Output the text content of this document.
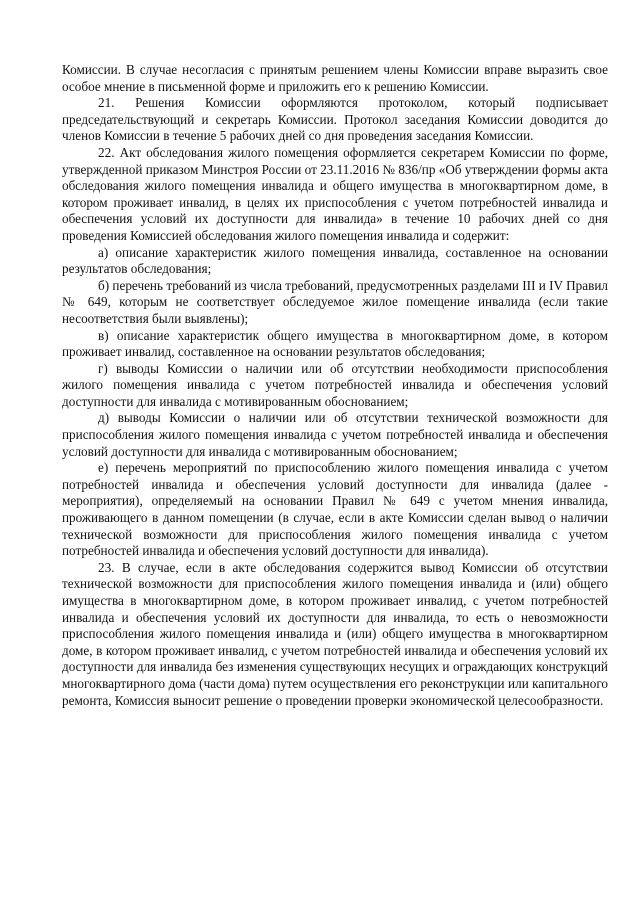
Комиссии. В случае несогласия с принятым решением члены Комиссии вправе выразить свое особое мнение в письменной форме и приложить его к решению Комиссии.

21. Решения Комиссии оформляются протоколом, который подписывает председательствующий и секретарь Комиссии. Протокол заседания Комиссии доводится до членов Комиссии в течение 5 рабочих дней со дня проведения заседания Комиссии.

22. Акт обследования жилого помещения оформляется секретарем Комиссии по форме, утвержденной приказом Минстроя России от 23.11.2016 № 836/пр «Об утверждении формы акта обследования жилого помещения инвалида и общего имущества в многоквартирном доме, в котором проживает инвалид, в целях их приспособления с учетом потребностей инвалида и обеспечения условий их доступности для инвалида» в течение 10 рабочих дней со дня проведения Комиссией обследования жилого помещения инвалида и содержит:

а) описание характеристик жилого помещения инвалида, составленное на основании результатов обследования;

б) перечень требований из числа требований, предусмотренных разделами III и IV Правил № 649, которым не соответствует обследуемое жилое помещение инвалида (если такие несоответствия были выявлены);

в) описание характеристик общего имущества в многоквартирном доме, в котором проживает инвалид, составленное на основании результатов обследования;

г) выводы Комиссии о наличии или об отсутствии необходимости приспособления жилого помещения инвалида с учетом потребностей инвалида и обеспечения условий доступности для инвалида с мотивированным обоснованием;

д) выводы Комиссии о наличии или об отсутствии технической возможности для приспособления жилого помещения инвалида с учетом потребностей инвалида и обеспечения условий доступности для инвалида с мотивированным обоснованием;

е) перечень мероприятий по приспособлению жилого помещения инвалида с учетом потребностей инвалида и обеспечения условий доступности для инвалида (далее - мероприятия), определяемый на основании Правил № 649 с учетом мнения инвалида, проживающего в данном помещении (в случае, если в акте Комиссии сделан вывод о наличии технической возможности для приспособления жилого помещения инвалида с учетом потребностей инвалида и обеспечения условий доступности для инвалида).

23. В случае, если в акте обследования содержится вывод Комиссии об отсутствии технической возможности для приспособления жилого помещения инвалида и (или) общего имущества в многоквартирном доме, в котором проживает инвалид, с учетом потребностей инвалида и обеспечения условий их доступности для инвалида, то есть о невозможности приспособления жилого помещения инвалида и (или) общего имущества в многоквартирном доме, в котором проживает инвалид, с учетом потребностей инвалида и обеспечения условий их доступности для инвалида без изменения существующих несущих и ограждающих конструкций многоквартирного дома (части дома) путем осуществления его реконструкции или капитального ремонта, Комиссия выносит решение о проведении проверки экономической целесообразности.
